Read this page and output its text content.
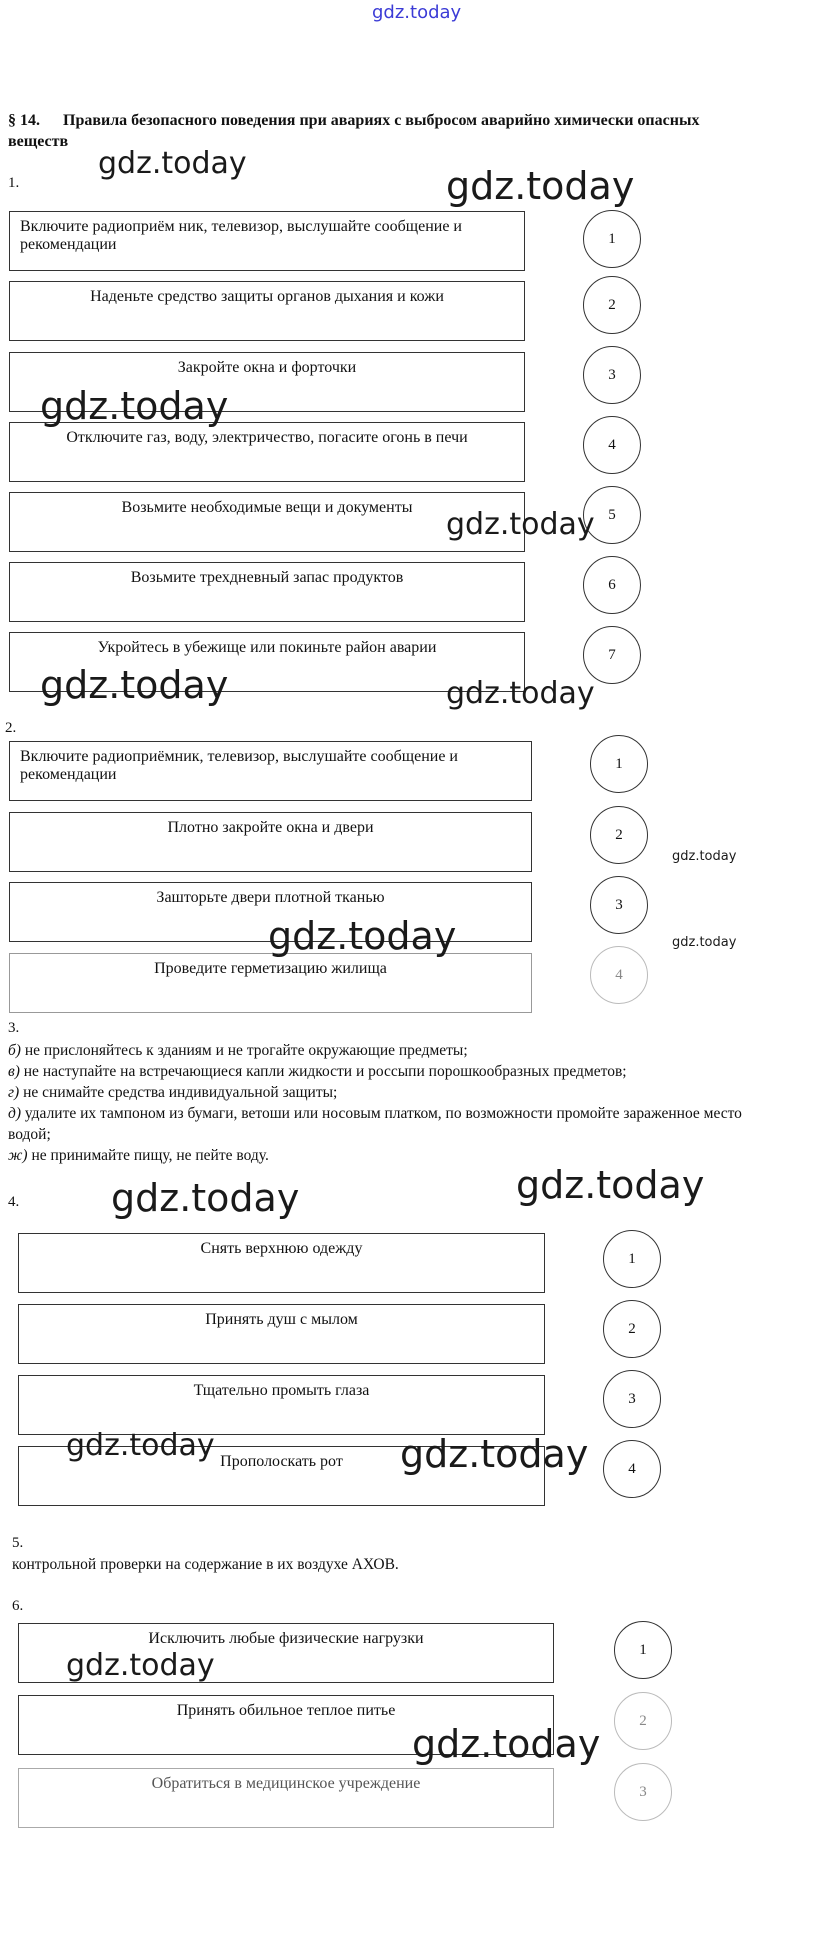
gdz.today
§ 14. Правила безопасного поведения при авариях с выбросом аварийно химически опасных веществ
1.
Включите радиоприём ник, телевизор, выслушайте сообщение и рекомендации
Наденьте средство защиты органов дыхания и кожи
Закройте окна и форточки
Отключите газ, воду, электричество, погасите огонь в печи
Возьмите необходимые вещи и документы
Возьмите трехдневный запас продуктов
Укройтесь в убежище или покиньте район аварии
1
2
3
4
5
6
7
2.
Включите радиоприёмник, телевизор, выслушайте сообщение и рекомендации
Плотно закройте окна и двери
Зашторьте двери плотной тканью
Проведите герметизацию жилища
1
2
3
4
3.
б) не прислоняйтесь к зданиям и не трогайте окружающие предметы;
в) не наступайте на встречающиеся капли жидкости и россыпи порошкообразных предметов;
г) не снимайте средства индивидуальной защиты;
д) удалите их тампоном из бумаги, ветоши или носовым платком, по возможности промойте зараженное место водой;
ж) не принимайте пищу, не пейте воду.
4.
Снять верхнюю одежду
Принять душ с мылом
Тщательно промыть глаза
Прополоскать рот
1
2
3
4
5.
контрольной проверки на содержание в их воздухе АХОВ.
6.
Исключить любые физические нагрузки
Принять обильное теплое питье
Обратиться в медицинское учреждение
1
2
3
gdz.today
gdz.today
gdz.today
gdz.today
gdz.today	gdz.today
gdz.today
gdz.today	gdz.today
gdz.today
gdz.today
gdz.today	gdz.today
gdz.today
gdz.today
